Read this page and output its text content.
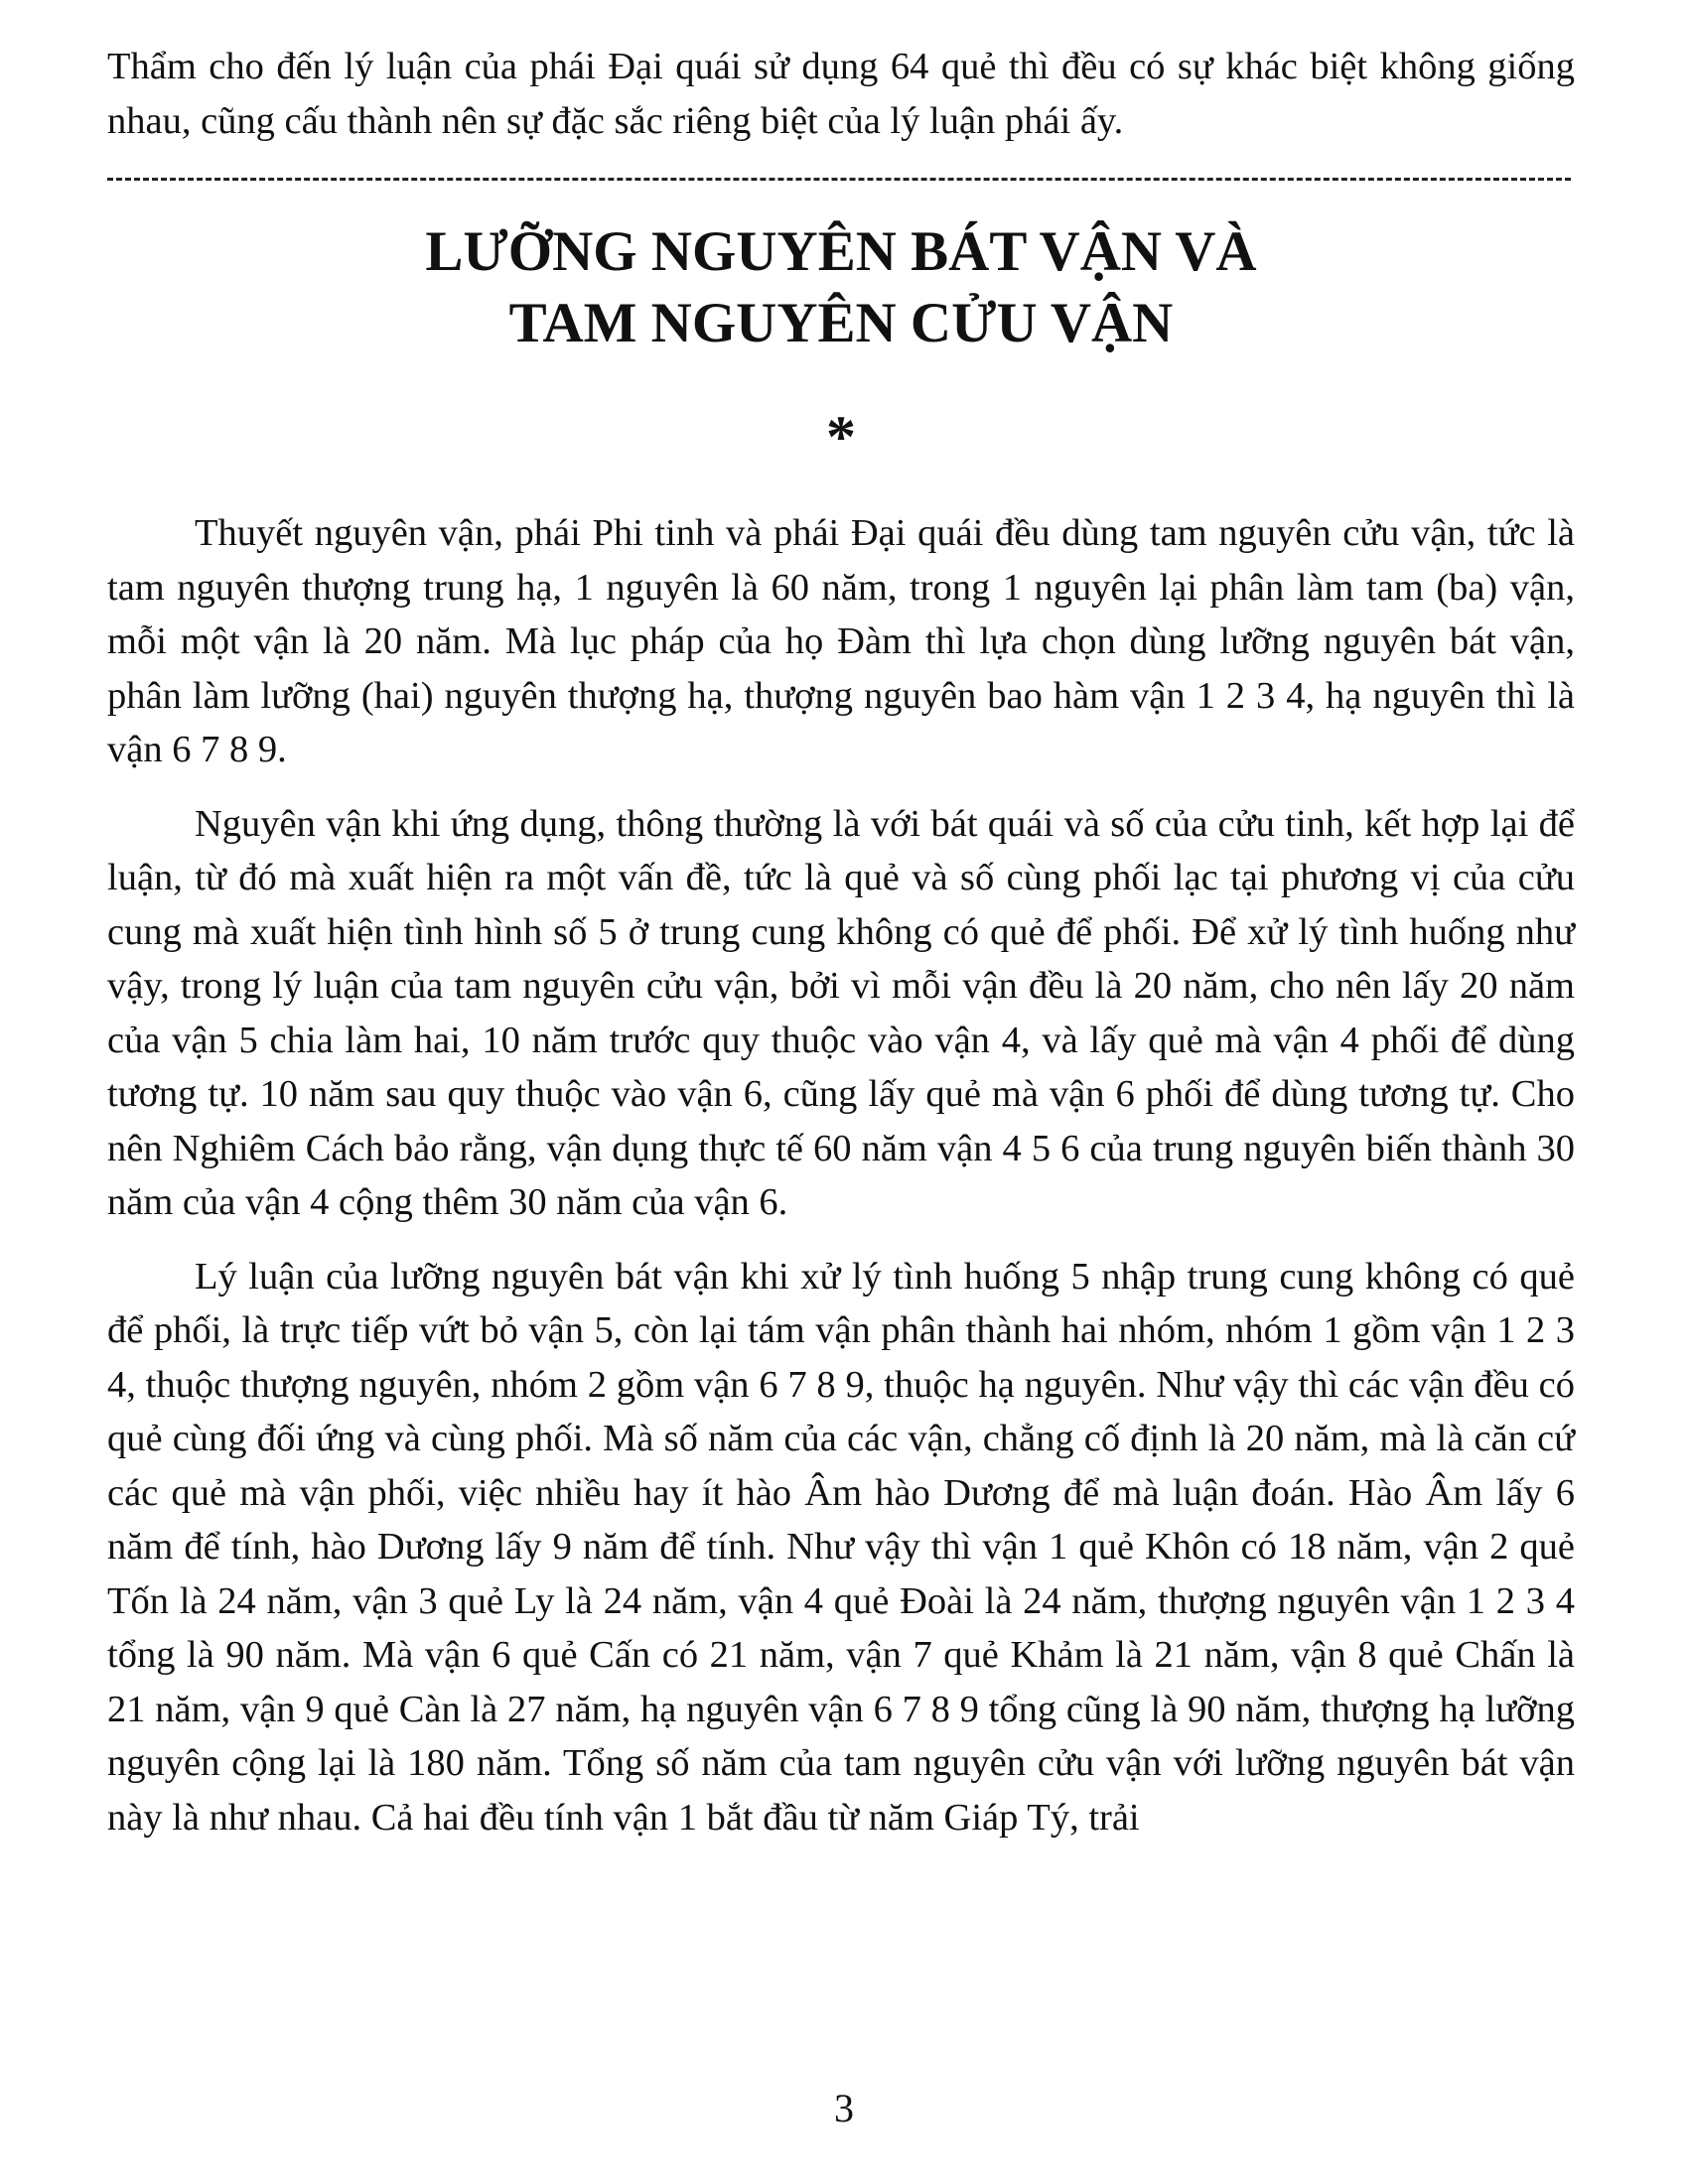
Thẩm cho đến lý luận của phái Đại quái sử dụng 64 quẻ thì đều có sự khác biệt không giống nhau, cũng cấu thành nên sự đặc sắc riêng biệt của lý luận phái ấy.

LƯỠNG NGUYÊN BÁT VẬN VÀ
TAM NGUYÊN CỬU VẬN
*

Thuyết nguyên vận, phái Phi tinh và phái Đại quái đều dùng tam nguyên cửu vận, tức là tam nguyên thượng trung hạ, 1 nguyên là 60 năm, trong 1 nguyên lại phân làm tam (ba) vận, mỗi một vận là 20 năm. Mà lục pháp của họ Đàm thì lựa chọn dùng lưỡng nguyên bát vận, phân làm lưỡng (hai) nguyên thượng hạ, thượng nguyên bao hàm vận 1 2 3 4, hạ nguyên thì là vận 6 7 8 9.

Nguyên vận khi ứng dụng, thông thường là với bát quái và số của cửu tinh, kết hợp lại để luận, từ đó mà xuất hiện ra một vấn đề, tức là quẻ và số cùng phối lạc tại phương vị của cửu cung mà xuất hiện tình hình số 5 ở trung cung không có quẻ để phối. Để xử lý tình huống như vậy, trong lý luận của tam nguyên cửu vận, bởi vì mỗi vận đều là 20 năm, cho nên lấy 20 năm của vận 5 chia làm hai, 10 năm trước quy thuộc vào vận 4, và lấy quẻ mà vận 4 phối để dùng tương tự. 10 năm sau quy thuộc vào vận 6, cũng lấy quẻ mà vận 6 phối để dùng tương tự. Cho nên Nghiêm Cách bảo rằng, vận dụng thực tế 60 năm vận 4 5 6 của trung nguyên biến thành 30 năm của vận 4 cộng thêm 30 năm của vận 6.

Lý luận của lưỡng nguyên bát vận khi xử lý tình huống 5 nhập trung cung không có quẻ để phối, là trực tiếp vứt bỏ vận 5, còn lại tám vận phân thành hai nhóm, nhóm 1 gồm vận 1 2 3 4, thuộc thượng nguyên, nhóm 2 gồm vận 6 7 8 9, thuộc hạ nguyên. Như vậy thì các vận đều có quẻ cùng đối ứng và cùng phối. Mà số năm của các vận, chẳng cố định là 20 năm, mà là căn cứ các quẻ mà vận phối, việc nhiều hay ít hào Âm hào Dương để mà luận đoán. Hào Âm lấy 6 năm để tính, hào Dương lấy 9 năm để tính. Như vậy thì vận 1 quẻ Khôn có 18 năm, vận 2 quẻ Tốn là 24 năm, vận 3 quẻ Ly là 24 năm, vận 4 quẻ Đoài là 24 năm, thượng nguyên vận 1 2 3 4 tổng là 90 năm. Mà vận 6 quẻ Cấn có 21 năm, vận 7 quẻ Khảm là 21 năm, vận 8 quẻ Chấn là 21 năm, vận 9 quẻ Càn là 27 năm, hạ nguyên vận 6 7 8 9 tổng cũng là 90 năm, thượng hạ lưỡng nguyên cộng lại là 180 năm. Tổng số năm của tam nguyên cửu vận với lưỡng nguyên bát vận này là như nhau. Cả hai đều tính vận 1 bắt đầu từ năm Giáp Tý, trải

3
